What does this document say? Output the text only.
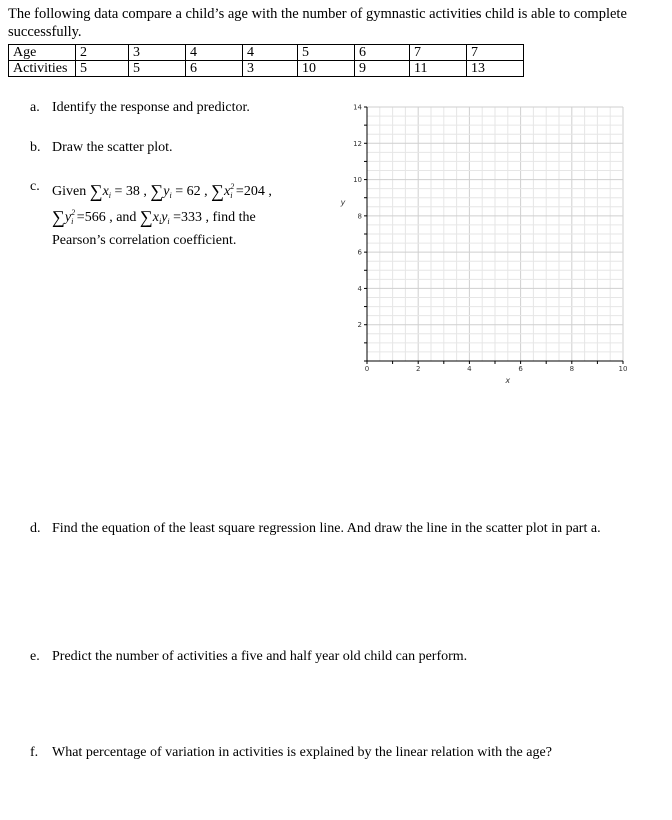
The following data compare a child’s age with the number of gymnastic activities child is able to complete successfully.
Age	2	3	4	4	5	6	7	7
Activities	5	5	6	3	10	9	11	13
a. Identify the response and predictor.
b. Draw the scatter plot.
c. Given $\sum x_i = 38$ , $\sum y_i = 62$ , $\sum x^2_i =204$ ,
$\sum y^2_i =566$ , and $\sum x_iy_i =333$ , find the
Pearson’s correlation coefficient.
0	2	4	6	8	10
2
4
6
8
10
12
14
x
y
d. Find the equation of the least square regression line. And draw the line in the scatter plot in part a.
e. Predict the number of activities a five and half year old child can perform.
f. What percentage of variation in activities is explained by the linear relation with the age?
